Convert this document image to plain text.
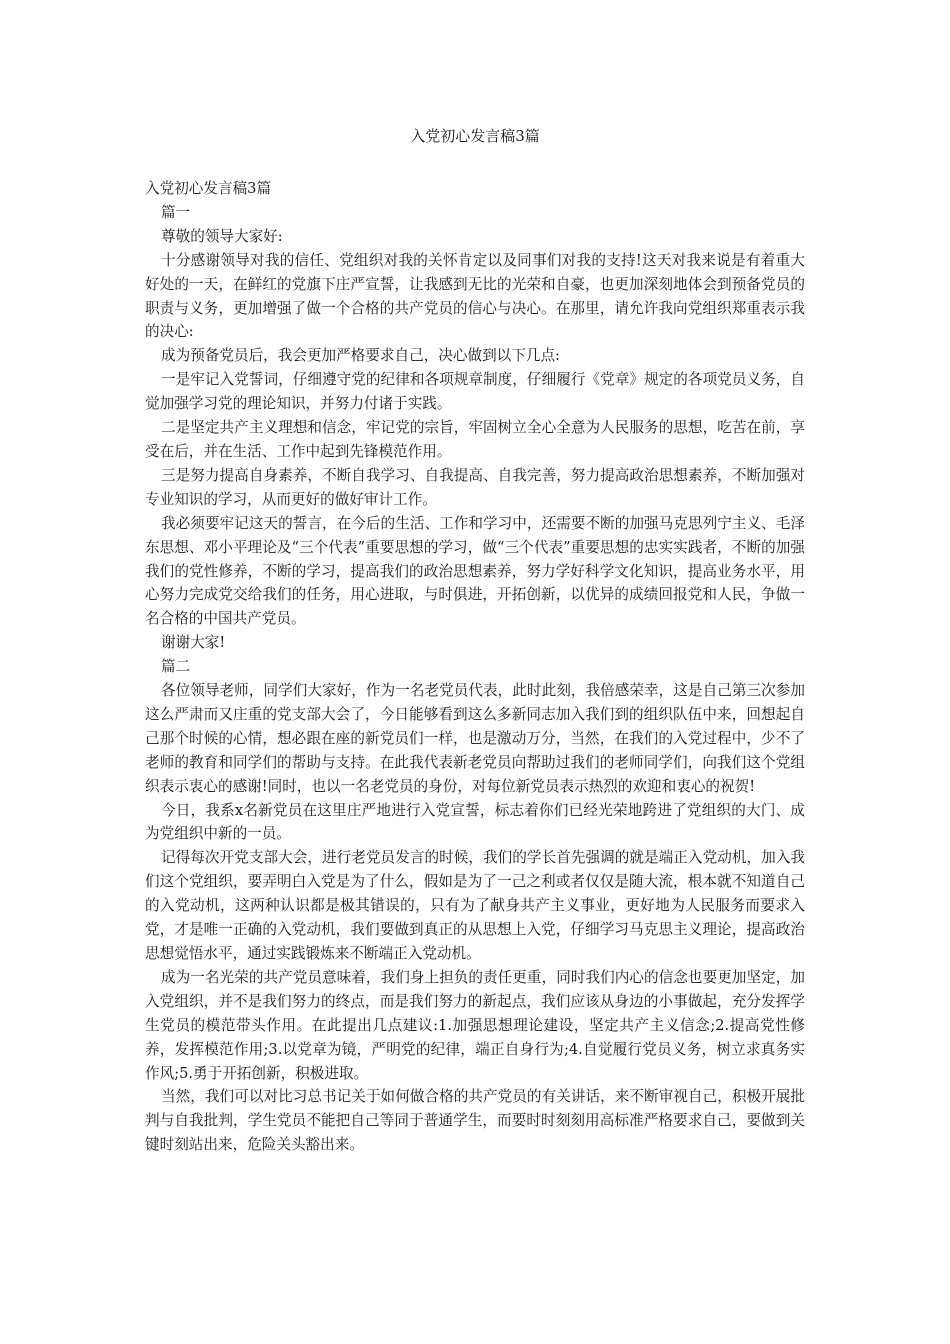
入党初心发言稿3篇

入党初心发言稿3篇

篇一

尊敬的领导大家好:

十分感谢领导对我的信任、党组织对我的关怀肯定以及同事们对我的支持!这天对我来说是有着重大好处的一天，在鲜红的党旗下庄严宣誓，让我感到无比的光荣和自豪，也更加深刻地体会到预备党员的职责与义务，更加增强了做一个合格的共产党员的信心与决心。在那里，请允许我向党组织郑重表示我的决心:

成为预备党员后，我会更加严格要求自己，决心做到以下几点:

一是牢记入党誓词，仔细遵守党的纪律和各项规章制度，仔细履行《党章》规定的各项党员义务，自觉加强学习党的理论知识，并努力付诸于实践。

二是坚定共产主义理想和信念，牢记党的宗旨，牢固树立全心全意为人民服务的思想，吃苦在前，享受在后，并在生活、工作中起到先锋模范作用。

三是努力提高自身素养，不断自我学习、自我提高、自我完善，努力提高政治思想素养，不断加强对专业知识的学习，从而更好的做好审计工作。

我必须要牢记这天的誓言，在今后的生活、工作和学习中，还需要不断的加强马克思列宁主义、毛泽东思想、邓小平理论及“三个代表”重要思想的学习，做“三个代表”重要思想的忠实实践者，不断的加强我们的党性修养，不断的学习，提高我们的政治思想素养，努力学好科学文化知识，提高业务水平，用心努力完成党交给我们的任务，用心进取，与时俱进，开拓创新，以优异的成绩回报党和人民，争做一名合格的中国共产党员。

谢谢大家!

篇二

各位领导老师，同学们大家好，作为一名老党员代表，此时此刻，我倍感荣幸，这是自己第三次参加这么严肃而又庄重的党支部大会了，今日能够看到这么多新同志加入我们到的组织队伍中来，回想起自己那个时候的心情，想必跟在座的新党员们一样，也是激动万分，当然，在我们的入党过程中，少不了老师的教育和同学们的帮助与支持。在此我代表新老党员向帮助过我们的老师同学们，向我们这个党组织表示衷心的感谢!同时，也以一名老党员的身份，对每位新党员表示热烈的欢迎和衷心的祝贺!

今日，我系x名新党员在这里庄严地进行入党宣誓，标志着你们已经光荣地跨进了党组织的大门、成为党组织中新的一员。

记得每次开党支部大会，进行老党员发言的时候，我们的学长首先强调的就是端正入党动机，加入我们这个党组织，要弄明白入党是为了什么，假如是为了一己之利或者仅仅是随大流，根本就不知道自己的入党动机，这两种认识都是极其错误的，只有为了献身共产主义事业，更好地为人民服务而要求入党，才是唯一正确的入党动机，我们要做到真正的从思想上入党，仔细学习马克思主义理论，提高政治思想觉悟水平，通过实践锻炼来不断端正入党动机。

成为一名光荣的共产党员意味着，我们身上担负的责任更重，同时我们内心的信念也要更加坚定，加入党组织，并不是我们努力的终点，而是我们努力的新起点，我们应该从身边的小事做起，充分发挥学生党员的模范带头作用。在此提出几点建议:1.加强思想理论建设，坚定共产主义信念;2.提高党性修养，发挥模范作用;3.以党章为镜，严明党的纪律，端正自身行为;4.自觉履行党员义务，树立求真务实作风;5.勇于开拓创新，积极进取。

当然，我们可以对比习总书记关于如何做合格的共产党员的有关讲话，来不断审视自己，积极开展批判与自我批判，学生党员不能把自己等同于普通学生，而要时时刻刻用高标准严格要求自己，要做到关键时刻站出来，危险关头豁出来。
